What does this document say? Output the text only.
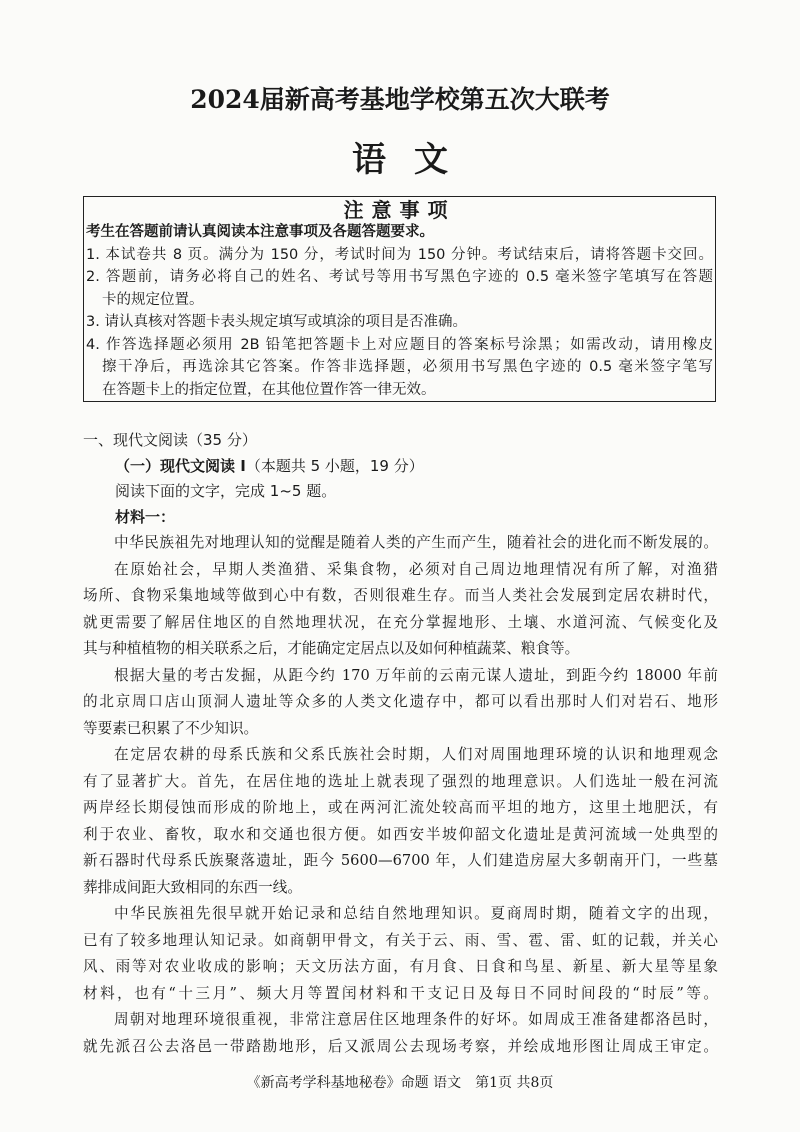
2024届新高考基地学校第五次大联考
语文
注意事项
考生在答题前请认真阅读本注意事项及各题答题要求。
1. 本试卷共 8 页。满分为 150 分，考试时间为 150 分钟。考试结束后，请将答题卡交回。
2. 答题前，请务必将自己的姓名、考试号等用书写黑色字迹的 0.5 毫米签字笔填写在答题
卡的规定位置。
3. 请认真核对答题卡表头规定填写或填涂的项目是否准确。
4. 作答选择题必须用 2B 铅笔把答题卡上对应题目的答案标号涂黑；如需改动，请用橡皮
擦干净后，再选涂其它答案。作答非选择题，必须用书写黑色字迹的 0.5 毫米签字笔写
在答题卡上的指定位置，在其他位置作答一律无效。
一、现代文阅读（35 分）
（一）现代文阅读 I（本题共 5 小题，19 分）
阅读下面的文字，完成 1~5 题。
材料一：
中华民族祖先对地理认知的觉醒是随着人类的产生而产生，随着社会的进化而不断发展的。
在原始社会，早期人类渔猎、采集食物，必须对自己周边地理情况有所了解，对渔猎
场所、食物采集地域等做到心中有数，否则很难生存。而当人类社会发展到定居农耕时代，
就更需要了解居住地区的自然地理状况，在充分掌握地形、土壤、水道河流、气候变化及
其与种植植物的相关联系之后，才能确定定居点以及如何种植蔬菜、粮食等。
根据大量的考古发掘，从距今约 170 万年前的云南元谋人遗址，到距今约 18000 年前
的北京周口店山顶洞人遗址等众多的人类文化遗存中，都可以看出那时人们对岩石、地形
等要素已积累了不少知识。
在定居农耕的母系氏族和父系氏族社会时期，人们对周围地理环境的认识和地理观念
有了显著扩大。首先，在居住地的选址上就表现了强烈的地理意识。人们选址一般在河流
两岸经长期侵蚀而形成的阶地上，或在两河汇流处较高而平坦的地方，这里土地肥沃，有
利于农业、畜牧，取水和交通也很方便。如西安半坡仰韶文化遗址是黄河流域一处典型的
新石器时代母系氏族聚落遗址，距今 5600—6700 年，人们建造房屋大多朝南开门，一些墓
葬排成间距大致相同的东西一线。
中华民族祖先很早就开始记录和总结自然地理知识。夏商周时期，随着文字的出现，
已有了较多地理认知记录。如商朝甲骨文，有关于云、雨、雪、雹、雷、虹的记载，并关心
风、雨等对农业收成的影响；天文历法方面，有月食、日食和鸟星、新星、新大星等星象
材料，也有“十三月”、频大月等置闰材料和干支记日及每日不同时间段的“时辰”等。
周朝对地理环境很重视，非常注意居住区地理条件的好坏。如周成王准备建都洛邑时，
就先派召公去洛邑一带踏勘地形，后又派周公去现场考察，并绘成地形图让周成王审定。
《新高考学科基地秘卷》命题 语文　第1页 共8页
